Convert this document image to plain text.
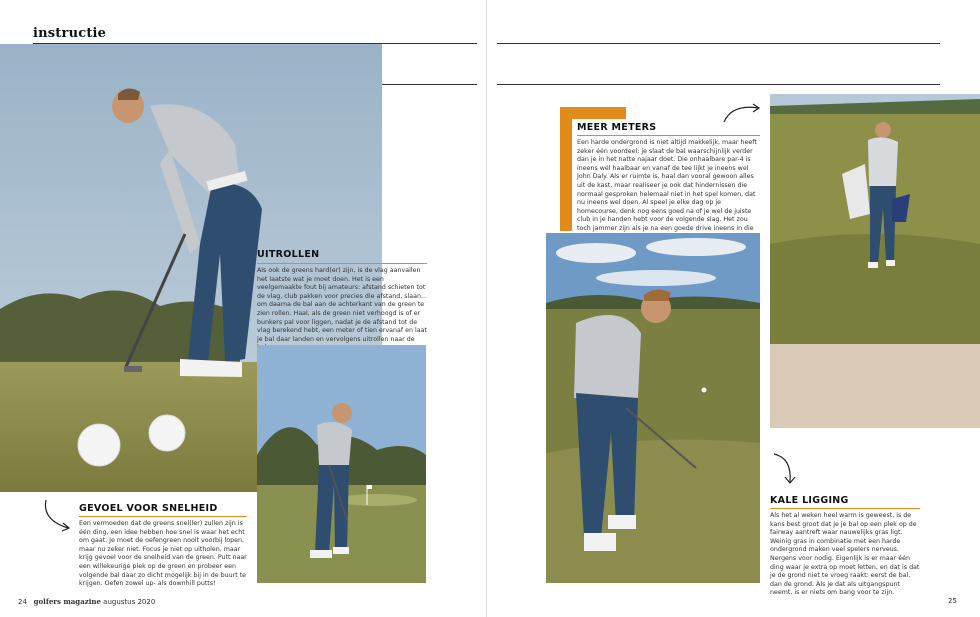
instructie
UITROLLEN
Als ook de greens hard(er) zijn, is de vlag aanvallen het laatste wat je moet doen. Het is een veelgemaakte fout bij amateurs: afstand schieten tot de vlag, club pakken voor precies die afstand, slaan... om daarna de bal aan de achterkant van de green te zien rollen. Haal, als de green niet verhoogd is of er bunkers pal voor liggen, nadat je de afstand tot de vlag berekend hebt, een meter of tien ervanaf en laat je bal daar landen en vervolgens uitrollen naar de
GEVOEL VOOR SNELHEID
Een vermoeden dat de greens snel(ler) zullen zijn is één ding, een idee hebben hoe snel is waar het echt om gaat. Je moet de oefengreen nooit voorbij lopen, maar nu zeker niet. Focus je niet op uitholen, maar krijg gevoel voor de snelheid van de green. Putt naar een willekeurige plek op de green en probeer een volgende bal daar zo dicht mogelijk bij in de buurt te krijgen. Oefen zowel up- als downhill putts!
MEER METERS
Een harde ondergrond is niet altijd makkelijk, maar heeft zeker één voordeel: je slaat de bal waarschijnlijk verder dan je in het natte najaar doet. Die onhaalbare par-4 is ineens wél haalbaar en vanaf de tee lijkt je ineens wel John Daly. Als er ruimte is, haal dan vooral gewoon alles uit de kast, maar realiseer je ook dat hindernissen die normaal gesproken helemaal niet in het spel komen, dat nu ineens wel doen. Al speel je elke dag op je homecourse, denk nog eens goed na of je wel de juiste club in je handen hebt voor de volgende slag. Het zou toch jammer zijn als je na een goede drive ineens in die
KALE LIGGING
Als het al weken heel warm is geweest, is de kans best groot dat je je bal op een plek op de fairway aantreft waar nauwelijks gras ligt. Weinig gras in combinatie met een harde ondergrond maken veel spelers nerveus. Nergens voor nodig. Eigenlijk is er maar één ding waar je extra op moet letten, en dat is dat je de grond niet te vroeg raakt: eerst de bal, dan de grond. Als je dat als uitgangspunt neemt, is er niets om bang voor te zijn.
24 golfers magazine augustus 2020	25
